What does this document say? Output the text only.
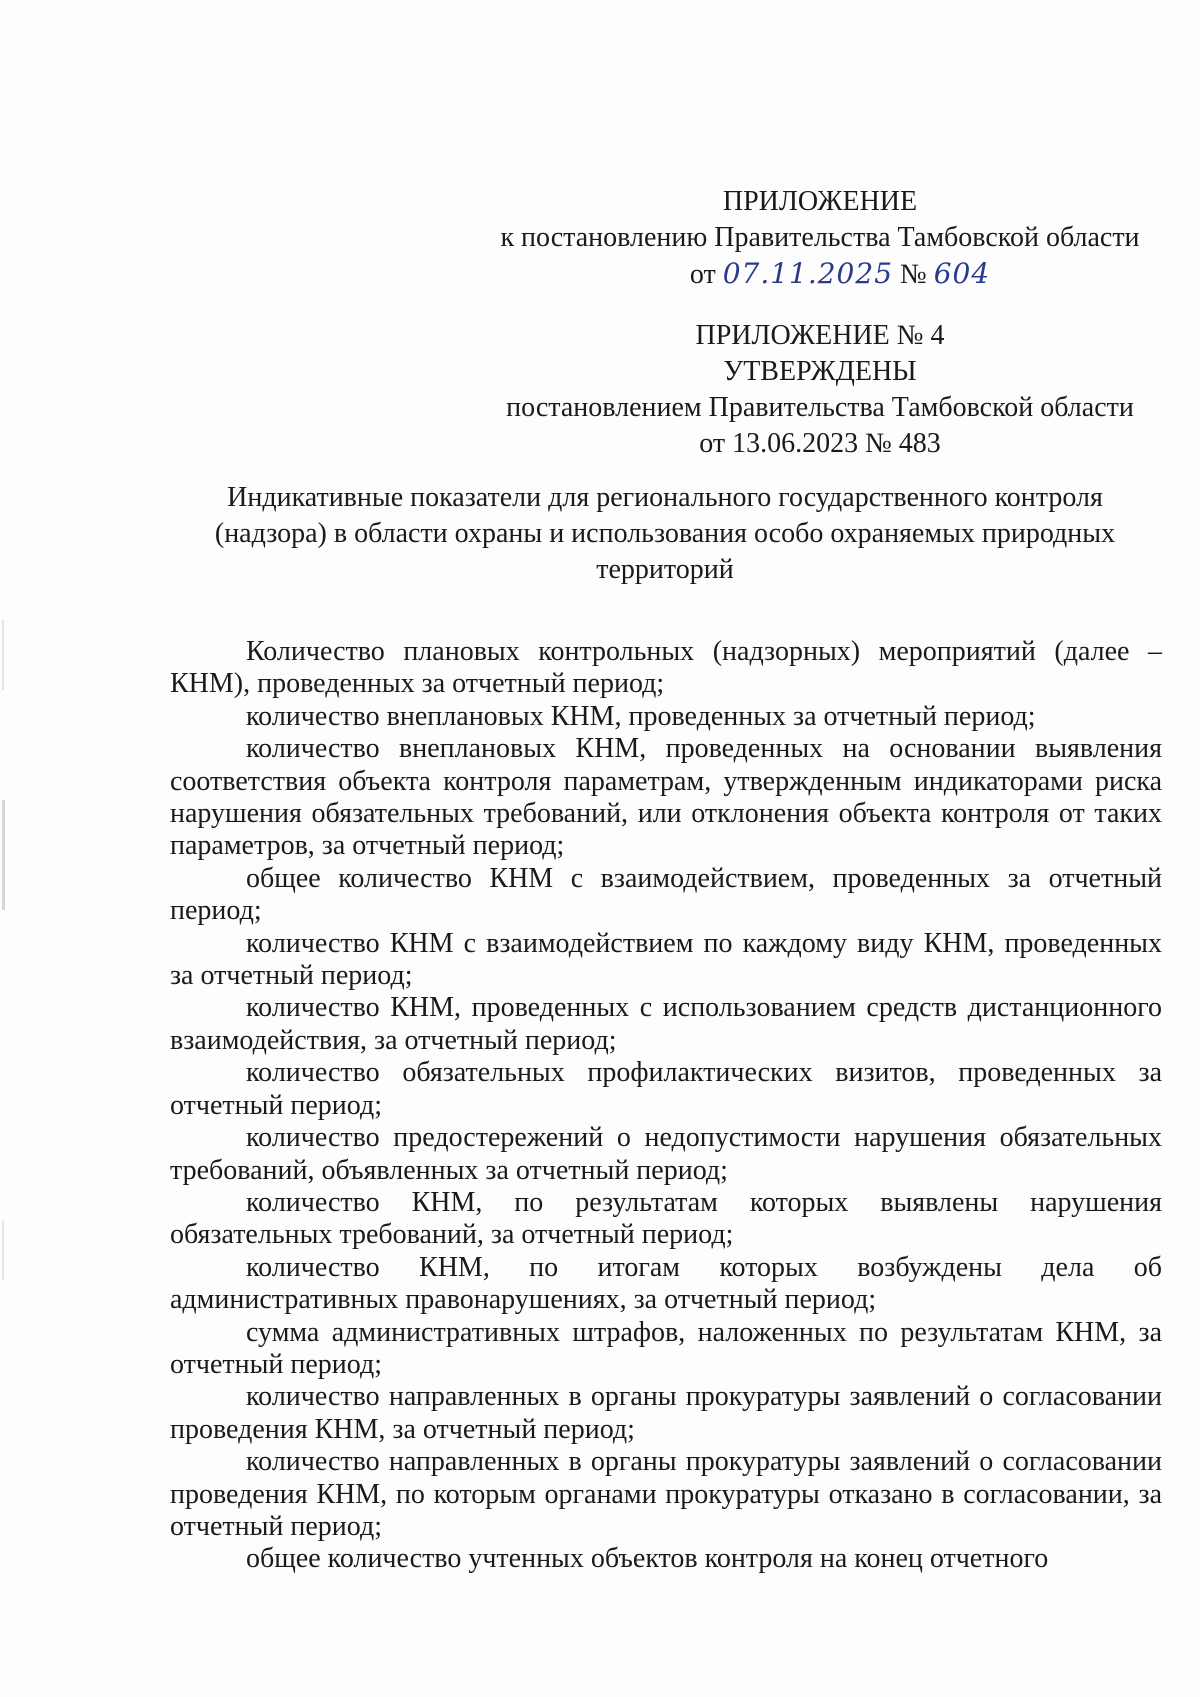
ПРИЛОЖЕНИЕ
к постановлению Правительства Тамбовской области
от 07.11.2025 № 604
ПРИЛОЖЕНИЕ № 4
УТВЕРЖДЕНЫ
постановлением Правительства Тамбовской области
от 13.06.2023 № 483
Индикативные показатели для регионального государственного контроля
(надзора) в области охраны и использования особо охраняемых природных
территорий

Количество плановых контрольных (надзорных) мероприятий (далее – КНМ), проведенных за отчетный период;

количество внеплановых КНМ, проведенных за отчетный период;

количество внеплановых КНМ, проведенных на основании выявления соответствия объекта контроля параметрам, утвержденным индикаторами риска нарушения обязательных требований, или отклонения объекта контроля от таких параметров, за отчетный период;

общее количество КНМ с взаимодействием, проведенных за отчетный период;

количество КНМ с взаимодействием по каждому виду КНМ, проведенных за отчетный период;

количество КНМ, проведенных с использованием средств дистанционного взаимодействия, за отчетный период;

количество обязательных профилактических визитов, проведенных за отчетный период;

количество предостережений о недопустимости нарушения обязательных требований, объявленных за отчетный период;

количество КНМ, по результатам которых выявлены нарушения обязательных требований, за отчетный период;

количество КНМ, по итогам которых возбуждены дела об административных правонарушениях, за отчетный период;

сумма административных штрафов, наложенных по результатам КНМ, за отчетный период;

количество направленных в органы прокуратуры заявлений о согласовании проведения КНМ, за отчетный период;

количество направленных в органы прокуратуры заявлений о согласовании проведения КНМ, по которым органами прокуратуры отказано в согласовании, за отчетный период;

общее количество учтенных объектов контроля на конец отчетного
